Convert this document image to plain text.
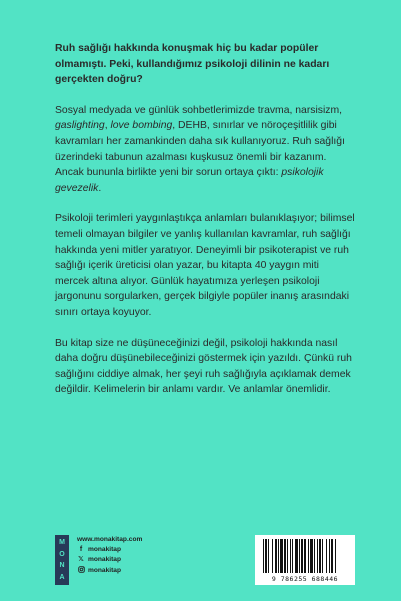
Ruh sağlığı hakkında konuşmak hiç bu kadar popüler olmamıştı. Peki, kullandığımız psikoloji dilinin ne kadarı gerçekten doğru?

Sosyal medyada ve günlük sohbetlerimizde travma, narsisizm, gaslighting, love bombing, DEHB, sınırlar ve nöroçeşitlilik gibi kavramları her zamankinden daha sık kullanıyoruz. Ruh sağlığı üzerindeki tabunun azalması kuşkusuz önemli bir kazanım. Ancak bununla birlikte yeni bir sorun ortaya çıktı: psikolojik gevezelik.

Psikoloji terimleri yaygınlaştıkça anlamları bulanıklaşıyor; bilimsel temeli olmayan bilgiler ve yanlış kullanılan kavramlar, ruh sağlığı hakkında yeni mitler yaratıyor. Deneyimli bir psikoterapist ve ruh sağlığı içerik üreticisi olan yazar, bu kitapta 40 yaygın miti mercek altına alıyor. Günlük hayatımıza yerleşen psikoloji jargonunu sorgularken, gerçek bilgiyle popüler inanış arasındaki sınırı ortaya koyuyor.

Bu kitap size ne düşüneceğinizi değil, psikoloji hakkında nasıl daha doğru düşünebileceğinizi göstermek için yazıldı. Çünkü ruh sağlığını ciddiye almak, her şeyi ruh sağlığıyla açıklamak demek değildir. Kelimelerin bir anlamı vardır. Ve anlamlar önemlidir.

M
O
N
A
www.monakitap.com
f monakitap
𝕏 monakitap
monakitap
9 786255 688446
